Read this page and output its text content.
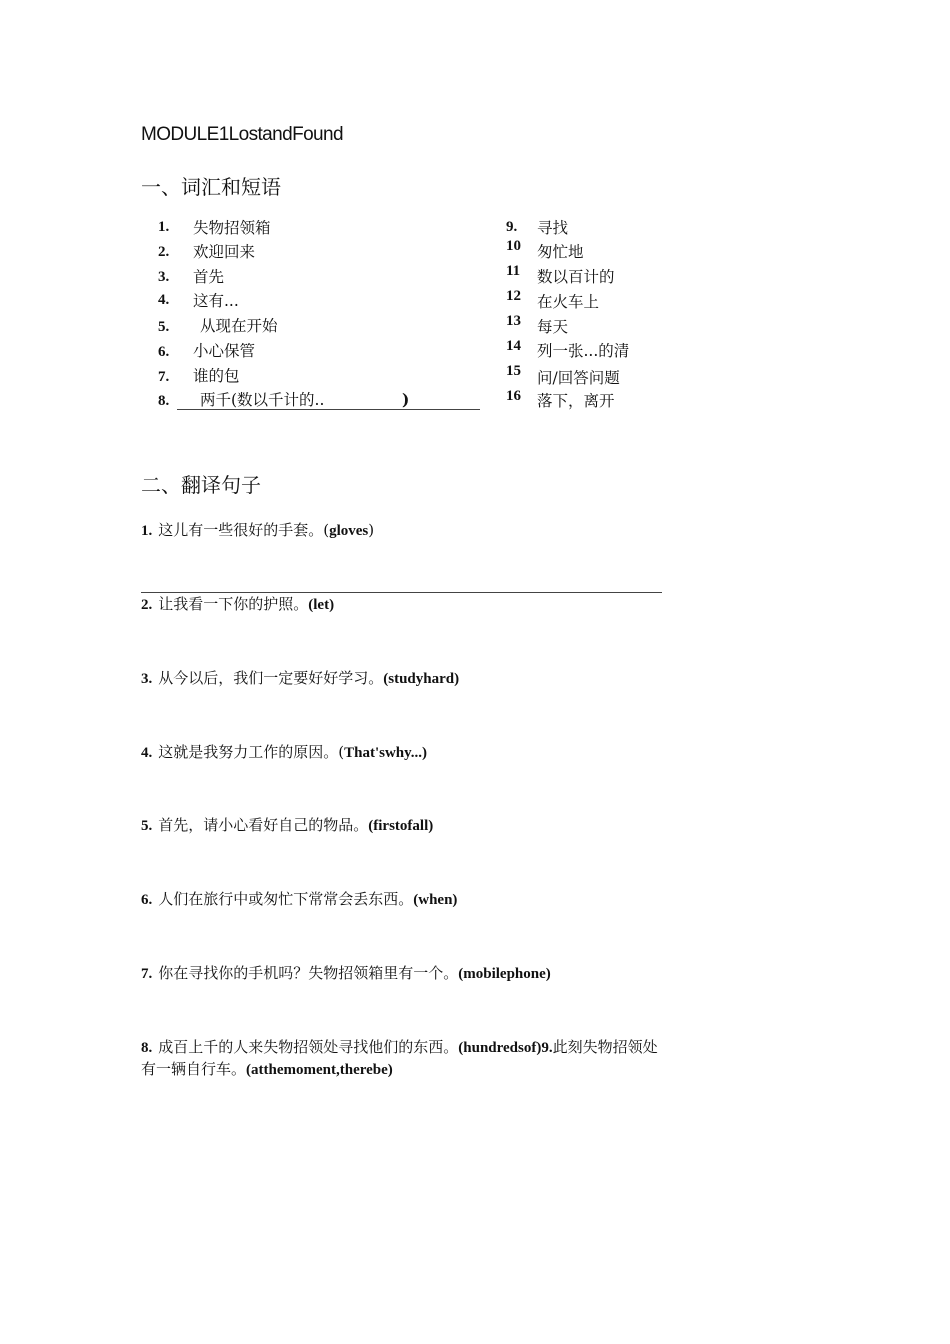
MODULE1LostandFound
一、词汇和短语
1. 失物招领箱
2. 欢迎回来
3. 首先
4. 这有...
5. 从现在开始
6. 小心保管
7. 谁的包
8. 两千(数以千计的..	)
9. 寻找
10 匆忙地
11 数以百计的
12 在火车上
13 每天
14 列一张...的清
15 问/回答问题
16 落下，离开
二、翻译句子
1. 这儿有一些很好的手套。(gloves)
2. 让我看一下你的护照。(let)
3. 从今以后，我们一定要好好学习。(studyhard)
4. 这就是我努力工作的原因。(That'swhy...)
5. 首先，请小心看好自己的物品。(firstofall)
6. 人们在旅行中或匆忙下常常会丢东西。(when)
7. 你在寻找你的手机吗？失物招领箱里有一个。(mobilephone)
8. 成百上千的人来失物招领处寻找他们的东西。(hundredsof)9.此刻失物招领处有一辆自行车。(atthemoment,therebe)
